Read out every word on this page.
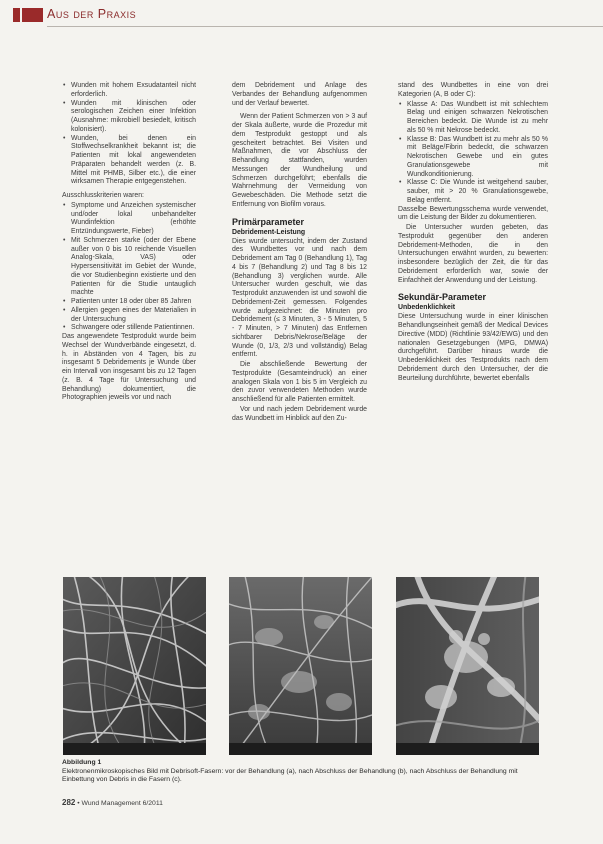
Aus der Praxis
• Wunden mit hohem Exsudatanteil nicht erforderlich.
• Wunden mit klinischen oder serologischen Zeichen einer Infektion (Ausnahme: mikrobiell besiedelt, kritisch kolonisiert).
• Wunden, bei denen ein Stoffwechselkrankheit bekannt ist; die Patienten mit lokal angewendeten Präparaten behandelt werden (z. B. Mittel mit PHMB, Silber etc.), die einer wirksamen Therapie entgegenstehen.

Ausschlusskriterien waren:

• Symptome und Anzeichen systemischer und/oder lokal unbehandelter Wundinfektion (erhöhte Entzündungswerte, Fieber)
• Mit Schmerzen starke (oder der Ebene außer von 0 bis 10 reichende Visuellen Analog-Skala, VAS) oder Hypersensitivität im Gebiet der Wunde, die vor Studienbeginn existierte und den Patienten für die Studie untauglich machte
• Patienten unter 18 oder über 85 Jahren
• Allergien gegen eines der Materialien in der Untersuchung
• Schwangere oder stillende Patientinnen.

Das angewendete Testprodukt wurde beim Wechsel der Wundverbände eingesetzt, d. h. in Abständen von 4 Tagen, bis zu insgesamt 5 Debridements je Wunde über ein Intervall von insgesamt bis zu 12 Tagen (z. B. 4 Tage für Untersuchung und Behandlung) dokumentiert, die Photographien jeweils vor und nach

dem Debridement und Anlage des Verbandes der Behandlung aufgenommen und der Verlauf bewertet.

Wenn der Patient Schmerzen von > 3 auf der Skala äußerte, wurde die Prozedur mit dem Testprodukt gestoppt und als gescheitert betrachtet. Bei Visiten und Maßnahmen, die vor Abschluss der Behandlung stattfanden, wurden Messungen der Wundheilung und Schmerzen durchgeführt; ebenfalls die Wahrnehmung der Vermeidung von Gewebeschäden. Die Methode setzt die Entfernung von Biofilm voraus.

Primärparameter
Debridement-Leistung

Dies wurde untersucht, indem der Zustand des Wundbettes vor und nach dem Debridement am Tag 0 (Behandlung 1), Tag 4 bis 7 (Behandlung 2) und Tag 8 bis 12 (Behandlung 3) verglichen wurde. Alle Untersucher wurden geschult, wie das Testprodukt anzuwenden ist und sowohl die Debridement-Zeit gemessen. Folgendes wurde aufgezeichnet: die Minuten pro Debridement (≤ 3 Minuten, 3 - 5 Minuten, 5 - 7 Minuten, > 7 Minuten) das Entfernen sichtbarer Debris/Nekrose/Beläge der Wunde (0, 1/3, 2/3 und vollständig) Belag entfernt.

Die abschließende Bewertung der Testprodukte (Gesamteindruck) an einer analogen Skala von 1 bis 5 im Vergleich zu den zuvor verwendeten Methoden wurde anschließend für alle Patienten ermittelt.

Vor und nach jedem Debridement wurde das Wundbett im Hinblick auf den Zu-

stand des Wundbettes in eine von drei Kategorien (A, B oder C):

• Klasse A: Das Wundbett ist mit schlechtem Belag und einigen schwarzen Nekrotischen Bereichen bedeckt. Die Wunde ist zu mehr als 50 % mit Nekrose bedeckt.
• Klasse B: Das Wundbett ist zu mehr als 50 % mit Beläge/Fibrin bedeckt, die schwarzen Nekrotischen Gewebe und ein gutes Granulationsgewebe mit Wundkonditionierung.
• Klasse C: Die Wunde ist weitgehend sauber, sauber, mit > 20 % Granulationsgewebe, Belag entfernt.

Dasselbe Bewertungsschema wurde verwendet, um die Leistung der Bilder zu dokumentieren.

Die Untersucher wurden gebeten, das Testprodukt gegenüber den anderen Debridement-Methoden, die in den Untersuchungen erwähnt wurden, zu bewerten: insbesondere bezüglich der Zeit, die für das Debridement erforderlich war, sowie der Einfachheit der Anwendung und der Leistung.

Sekundär-Parameter
Unbedenklichkeit

Diese Untersuchung wurde in einer klinischen Behandlungseinheit gemäß der Medical Devices Directive (MDD) (Richtlinie 93/42/EWG) und den nationalen Gesetzgebungen (MPG, DMWA) durchgeführt. Darüber hinaus wurde die Unbedenklichkeit des Testprodukts nach dem Debridement durch den Untersucher, der die Beurteilung durchführte, bewertet ebenfalls

Abbildung 1
Elektronenmikroskopisches Bild mit Debrisoft-Fasern: vor der Behandlung (a), nach Abschluss der Behandlung (b), nach Abschluss der Behandlung mit Einbettung von Debris in die Fasern (c).
282 • Wund Management 6/2011
